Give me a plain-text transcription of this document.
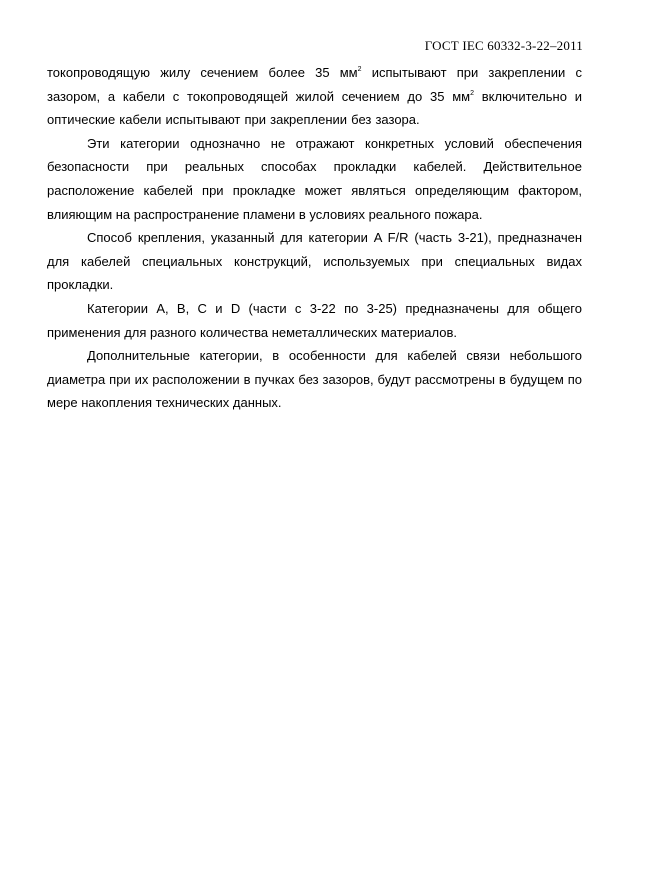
ГОСТ IEC 60332-3-22–2011

токопроводящую жилу сечением более 35 $мм^2$ испытывают при закреплении с зазором, а кабели с токопроводящей жилой сечением до 35 $мм^2$ включительно и оптические кабели испытывают при закреплении без зазора.

Эти категории однозначно не отражают конкретных условий обеспечения безопасности при реальных способах прокладки кабелей. Действительное расположение кабелей при прокладке может являться определяющим фактором, влияющим на распространение пламени в условиях реального пожара.

Способ крепления, указанный для категории A F/R (часть 3-21), предназначен для кабелей специальных конструкций, используемых при специальных видах прокладки.

Категории A, B, C и D (части с 3-22 по 3-25) предназначены для общего применения для разного количества неметаллических материалов.

Дополнительные категории, в особенности для кабелей связи небольшого диаметра при их расположении в пучках без зазоров, будут рассмотрены в будущем по мере накопления технических данных.
